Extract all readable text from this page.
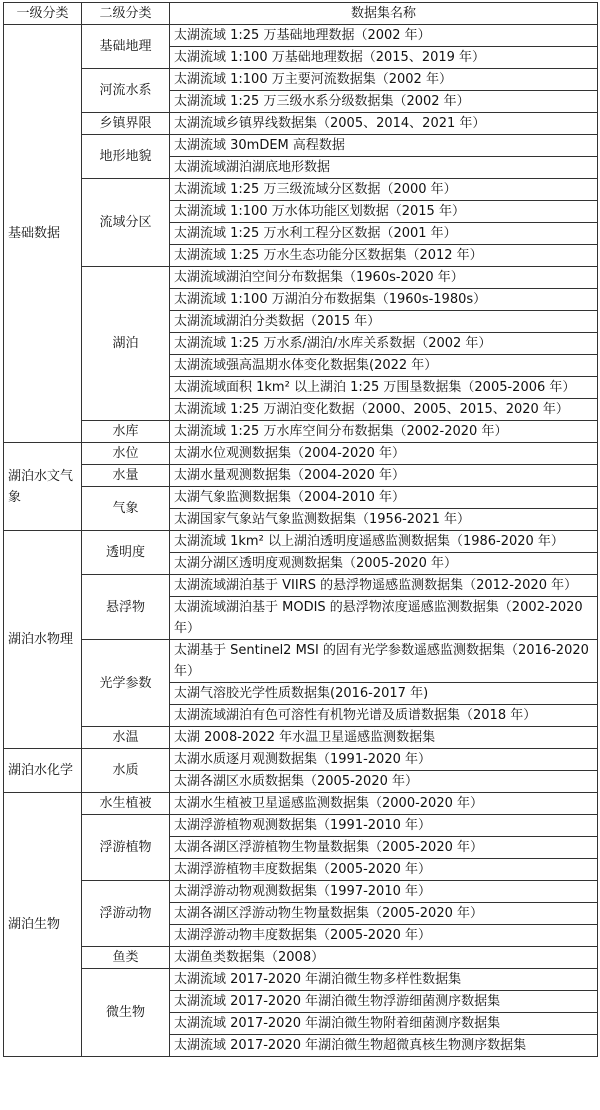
一级分类	二级分类	数据集名称
基础数据	基础地理	太湖流域 1:25 万基础地理数据（2002 年）
		太湖流域 1:100 万基础地理数据（2015、2019 年）
	河流水系	太湖流域 1:100 万主要河流数据集（2002 年）
		太湖流域 1:25 万三级水系分级数据集（2002 年）
	乡镇界限	太湖流域乡镇界线数据集（2005、2014、2021 年）
	地形地貌	太湖流域 30mDEM 高程数据
		太湖流域湖泊湖底地形数据
	流域分区	太湖流域 1:25 万三级流域分区数据（2000 年）
		太湖流域 1:100 万水体功能区划数据（2015 年）
		太湖流域 1:25 万水利工程分区数据（2001 年）
		太湖流域 1:25 万水生态功能分区数据集（2012 年）
	湖泊	太湖流域湖泊空间分布数据集（1960s-2020 年）
		太湖流域 1:100 万湖泊分布数据集（1960s-1980s）
		太湖流域湖泊分类数据（2015 年）
		太湖流域 1:25 万水系/湖泊/水库关系数据（2002 年）
		太湖流域强高温期水体变化数据集(2022 年）
		太湖流域面积 1km² 以上湖泊 1:25 万围垦数据集（2005-2006 年）
		太湖流域 1:25 万湖泊变化数据（2000、2005、2015、2020 年）
	水库	太湖流域 1:25 万水库空间分布数据集（2002-2020 年）
湖泊水文气象	水位	太湖水位观测数据集（2004-2020 年）
	水量	太湖水量观测数据集（2004-2020 年）
	气象	太湖气象监测数据集（2004-2010 年）
		太湖国家气象站气象监测数据集（1956-2021 年）
湖泊水物理	透明度	太湖流域 1km² 以上湖泊透明度遥感监测数据集（1986-2020 年）
		太湖分湖区透明度观测数据集（2005-2020 年）
	悬浮物	太湖流域湖泊基于 VIIRS 的悬浮物遥感监测数据集（2012-2020 年）
		太湖流域湖泊基于 MODIS 的悬浮物浓度遥感监测数据集（2002-2020 年）
	光学参数	太湖基于 Sentinel2 MSI 的固有光学参数遥感监测数据集（2016-2020 年）
		太湖气溶胶光学性质数据集(2016-2017 年)
		太湖流域湖泊有色可溶性有机物光谱及质谱数据集（2018 年）
	水温	太湖 2008-2022 年水温卫星遥感监测数据集
湖泊水化学	水质	太湖水质逐月观测数据集（1991-2020 年）
		太湖各湖区水质数据集（2005-2020 年）
湖泊生物	水生植被	太湖水生植被卫星遥感监测数据集（2000-2020 年）
	浮游植物	太湖浮游植物观测数据集（1991-2010 年）
		太湖各湖区浮游植物生物量数据集（2005-2020 年）
		太湖浮游植物丰度数据集（2005-2020 年）
	浮游动物	太湖浮游动物观测数据集（1997-2010 年）
		太湖各湖区浮游动物生物量数据集（2005-2020 年）
		太湖浮游动物丰度数据集（2005-2020 年）
	鱼类	太湖鱼类数据集（2008）
	微生物	太湖流域 2017-2020 年湖泊微生物多样性数据集
		太湖流域 2017-2020 年湖泊微生物浮游细菌测序数据集
		太湖流域 2017-2020 年湖泊微生物附着细菌测序数据集
		太湖流域 2017-2020 年湖泊微生物超微真核生物测序数据集
